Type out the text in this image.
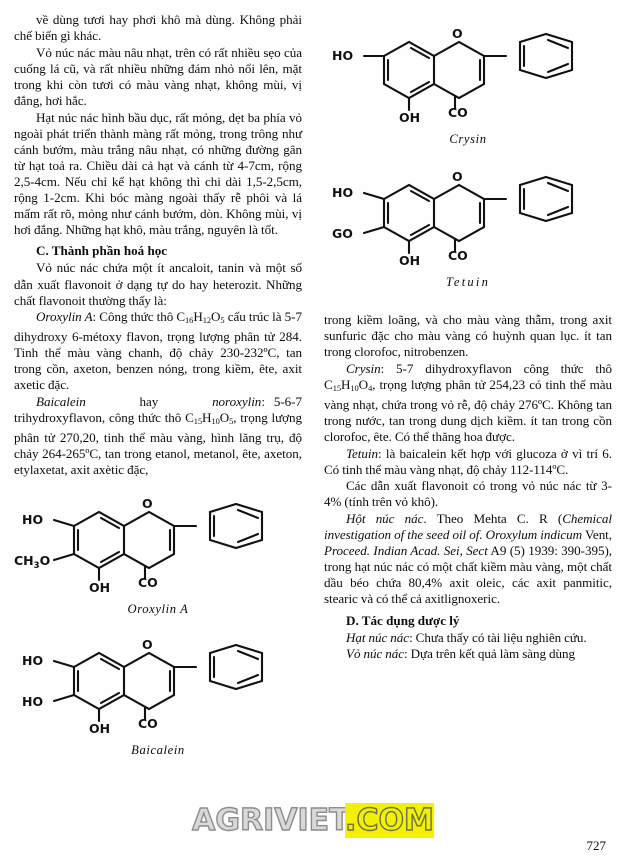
về dùng tươi hay phơi khô mà dùng. Không phải chế biến gì khác.

Vỏ núc nác màu nâu nhạt, trên có rất nhiều sẹo của cuống lá cũ, và rất nhiều những đám nhỏ nổi lên, mặt trong khi còn tươi có màu vàng nhạt, không mùi, vị đắng, hơi hắc.

Hạt núc nác hình bầu dục, rất mỏng, dẹt ba phía vỏ ngoài phát triển thành màng rất mỏng, trong trông như cánh bướm, màu trắng nâu nhạt, có những đường gân từ hạt toả ra. Chiều dài cả hạt và cánh từ 4-7cm, rộng 2,5-4cm. Nếu chỉ kể hạt không thì chi dài 1,5-2,5cm, rộng 1-2cm. Khi bóc màng ngoài thấy rễ phôi và lá mấm rất rõ, mỏng như cánh bướm, dòn. Không mùi, vị hơi đắng. Những hạt khô, màu trắng, nguyên là tốt.

C. Thành phần hoá học

Vỏ núc nác chứa một ít ancaloit, tanin và một số dẫn xuất flavonoit ở dạng tự do hay heterozit. Những chất flavonoit thường thấy là:

Oroxylin A: Công thức thô $C_{16}H_{12}O_5$ cấu trúc là 5-7 dihydroxy 6-métoxy flavon, trọng lượng phân tử 284. Tinh thể màu vàng chanh, độ chảy 230-232ºC, tan trong cồn, axeton, benzen nóng, trong kiềm, ête, axit axetic đặc.

Baicalein	hay	noroxylin: 5-6-7 trihydroxyflavon, công thức thô $C_{15}H_{10}O_5$, trọng lượng phân tử 270,20, tinh thể màu vàng, hình lăng trụ, độ chảy 264-265ºC, tan trong etanol, metanol, ête, axeton, etylaxetat, axit axètic đặc,

HO
$CH_3O$
OH
O
CO
Oroxylin A
HO
HO
OH
O
CO
Baicalein
HO
OH
O
CO
Crysin
HO
GO
OH
O
CO
Tetuin

trong kiềm loãng, và cho màu vàng thẫm, trong axit sunfuric đặc cho màu vàng có huỳnh quan lục. ít tan trong clorofoc, nitrobenzen.

Crysin: 5-7 dihydroxyflavon công thức thô $C_{15}H_{10}O_4$, trọng lượng phân tử 254,23 có tinh thể màu vàng nhạt, chứa trong vỏ rễ, độ chảy 276ºC. Không tan trong nước, tan trong dung dịch kiềm. ít tan trong cồn clorofoc, ête. Có thể thăng hoa được.

Tetuin: là baicalein kết hợp với glucoza ở vì trí 6. Có tinh thể màu vàng nhạt, độ chảy 112-114ºC.

Các dẫn xuất flavonoit có trong vỏ núc nác từ 3-4% (tính trên vỏ khô).

Hột núc nác. Theo Mehta C. R (Chemical investigation of the seed oil of. Oroxylum indicum Vent, Proceed. Indian Acad. Sei, Sect A9 (5) 1939: 390-395), trong hạt núc nác có một chất kiềm màu vàng, một chất dầu béo chứa 80,4% axit oleic, các axit panmitic, stearic và có thể cả axitlignoxeric.

D. Tác dụng dược lý

Hạt núc nác: Chưa thấy có tài liệu nghiên cứu.

Vỏ núc nác: Dựa trên kết quả làm sàng dùng

AGRIVIET.COM
727
